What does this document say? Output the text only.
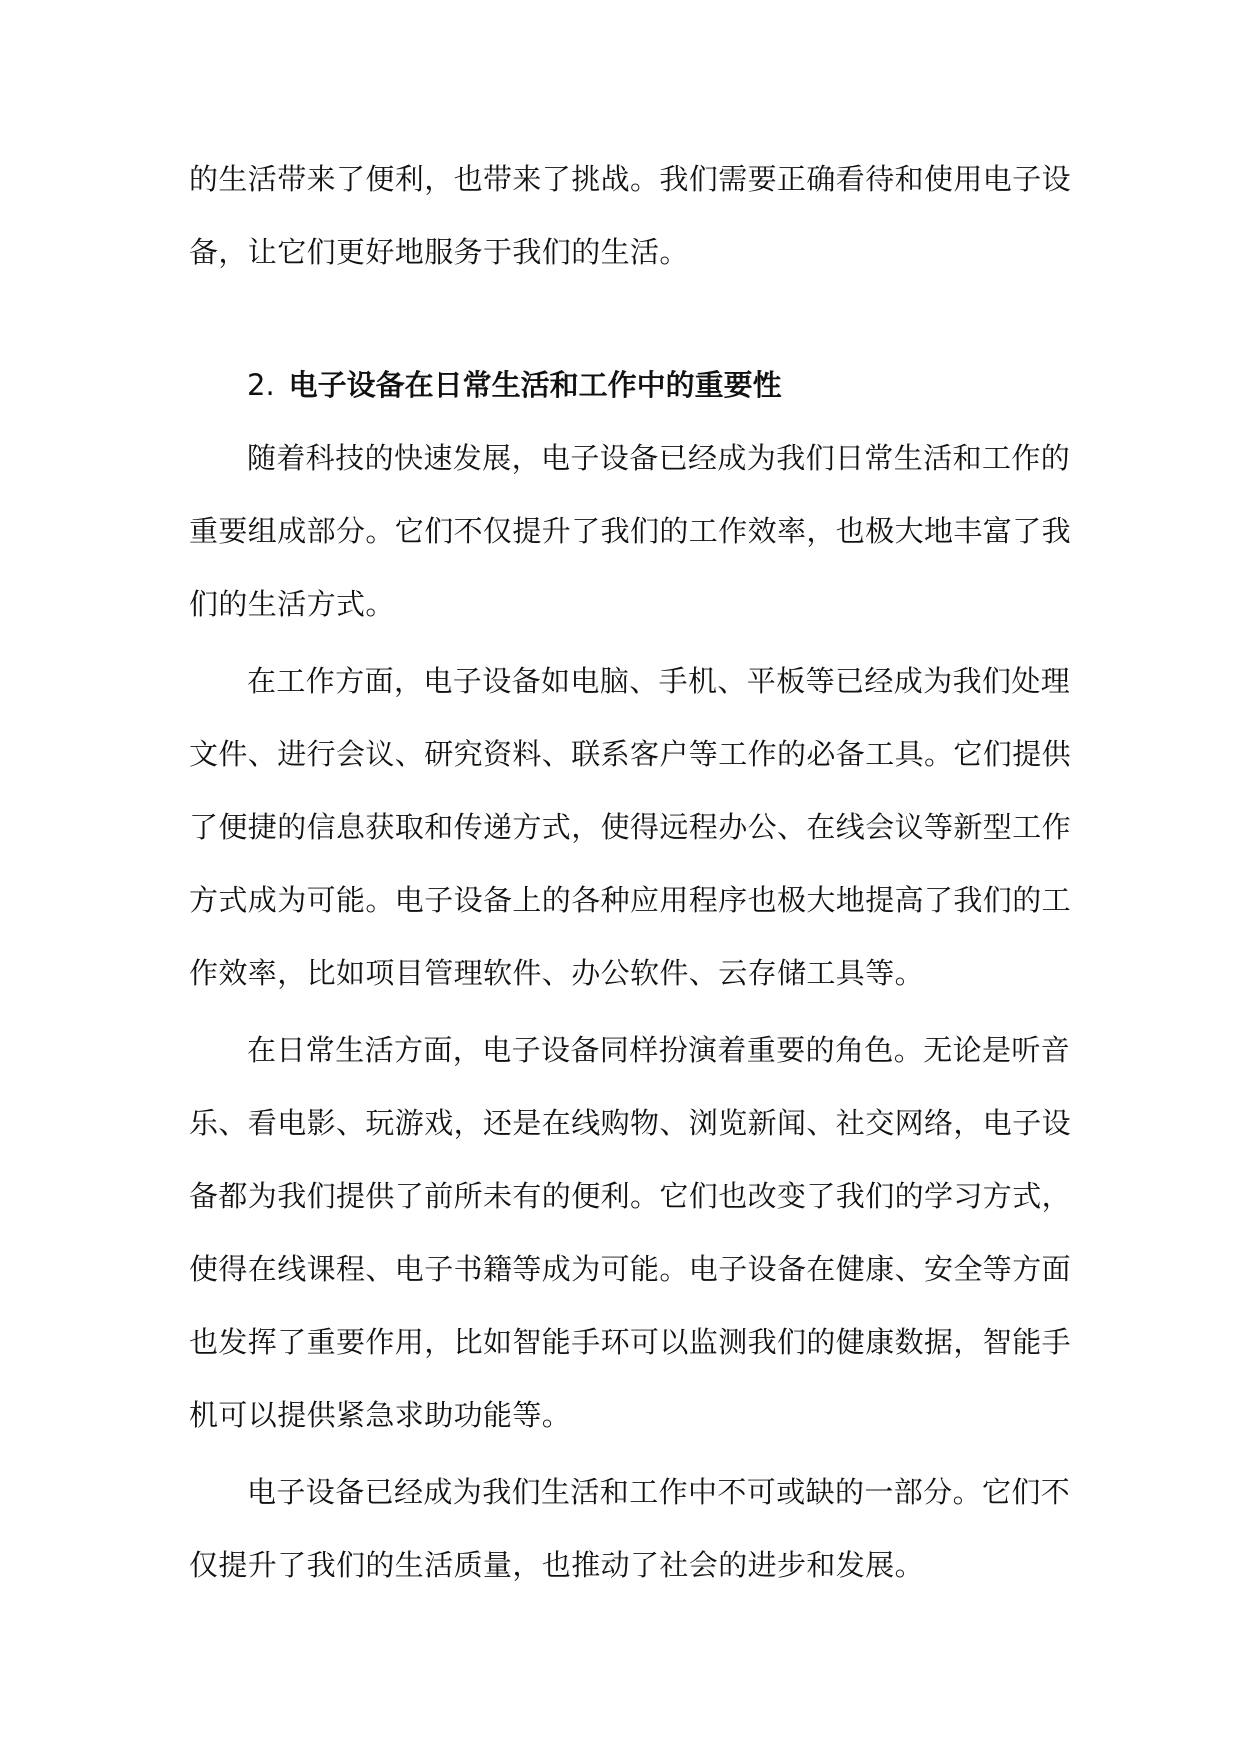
的生活带来了便利，也带来了挑战。我们需要正确看待和使用电子设
备，让它们更好地服务于我们的生活。
2. 电子设备在日常生活和工作中的重要性
随着科技的快速发展，电子设备已经成为我们日常生活和工作的
重要组成部分。它们不仅提升了我们的工作效率，也极大地丰富了我
们的生活方式。
在工作方面，电子设备如电脑、手机、平板等已经成为我们处理
文件、进行会议、研究资料、联系客户等工作的必备工具。它们提供
了便捷的信息获取和传递方式，使得远程办公、在线会议等新型工作
方式成为可能。电子设备上的各种应用程序也极大地提高了我们的工
作效率，比如项目管理软件、办公软件、云存储工具等。
在日常生活方面，电子设备同样扮演着重要的角色。无论是听音
乐、看电影、玩游戏，还是在线购物、浏览新闻、社交网络，电子设
备都为我们提供了前所未有的便利。它们也改变了我们的学习方式，
使得在线课程、电子书籍等成为可能。电子设备在健康、安全等方面
也发挥了重要作用，比如智能手环可以监测我们的健康数据，智能手
机可以提供紧急求助功能等。
电子设备已经成为我们生活和工作中不可或缺的一部分。它们不
仅提升了我们的生活质量，也推动了社会的进步和发展。
